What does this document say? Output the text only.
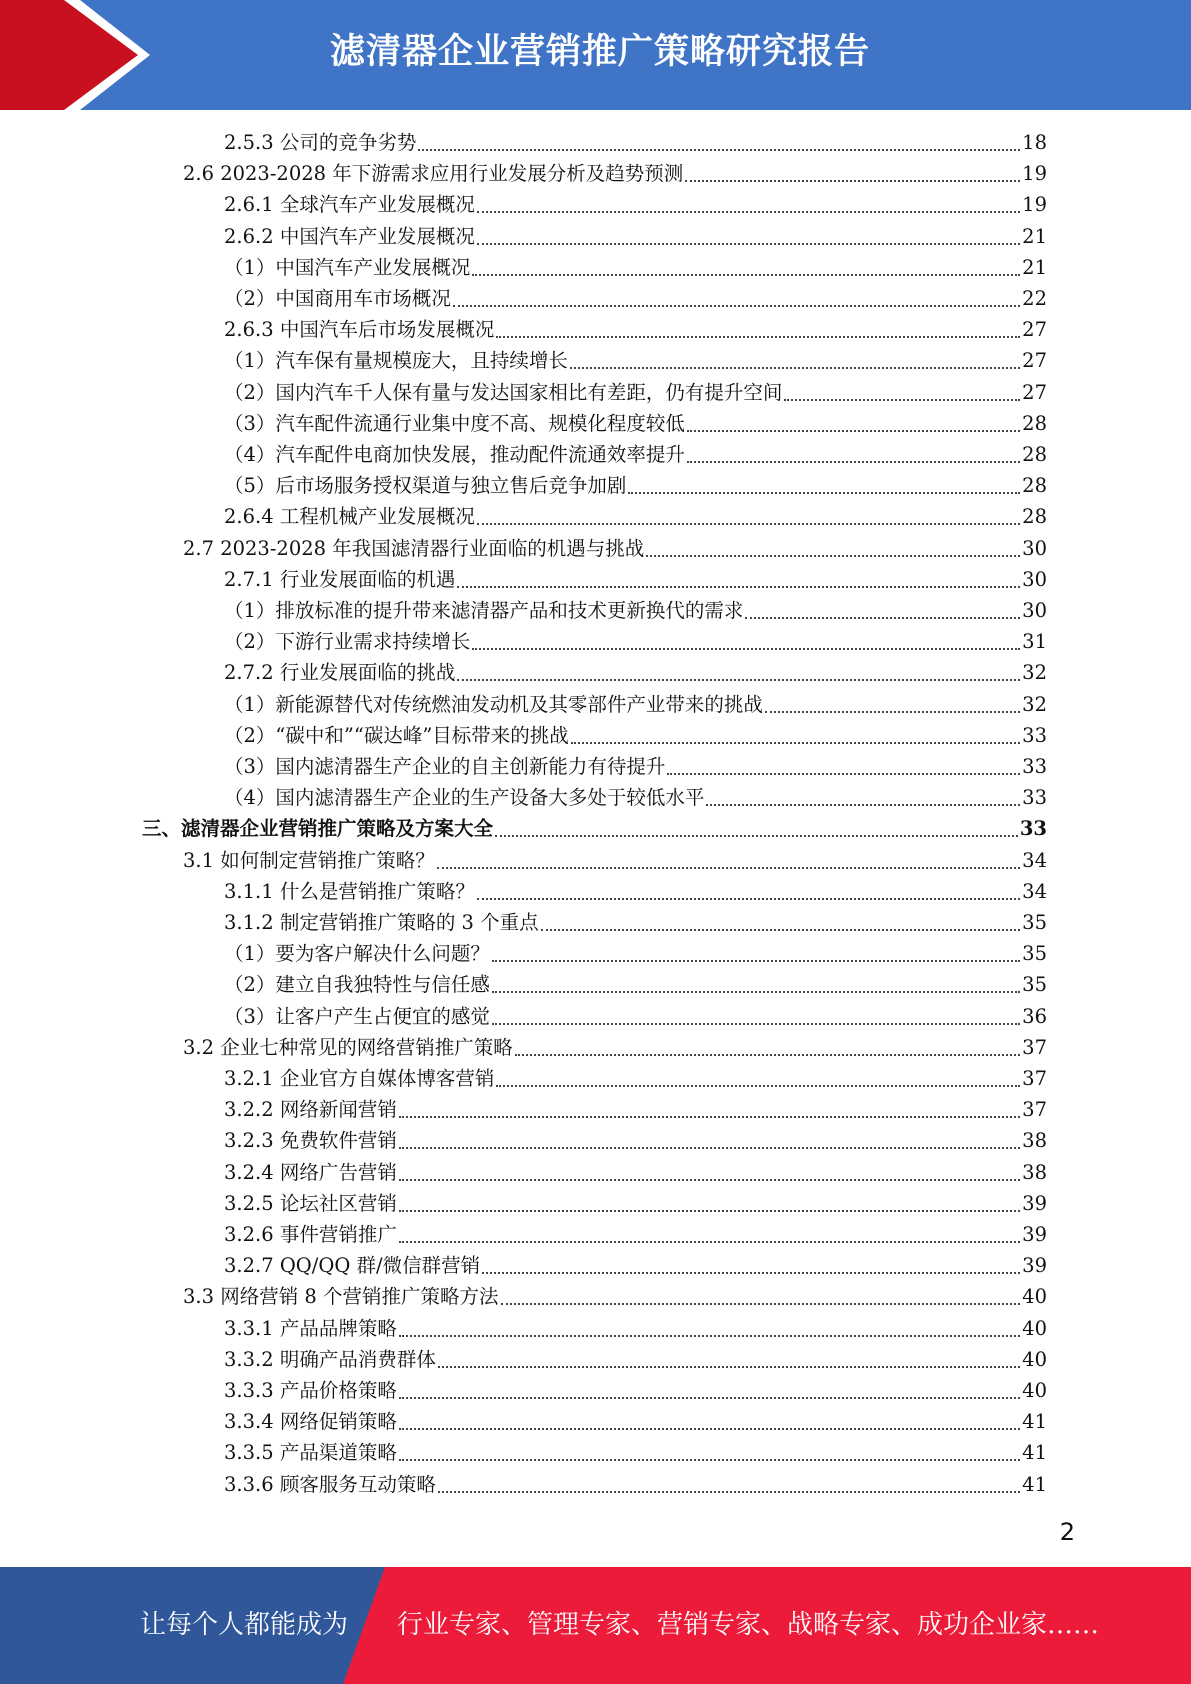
滤清器企业营销推广策略研究报告
2.5.3 公司的竞争劣势	18
2.6 2023-2028 年下游需求应用行业发展分析及趋势预测	19
2.6.1 全球汽车产业发展概况	19
2.6.2 中国汽车产业发展概况	21
（1）中国汽车产业发展概况	21
（2）中国商用车市场概况	22
2.6.3 中国汽车后市场发展概况	27
（1）汽车保有量规模庞大，且持续增长	27
（2）国内汽车千人保有量与发达国家相比有差距，仍有提升空间	27
（3）汽车配件流通行业集中度不高、规模化程度较低	28
（4）汽车配件电商加快发展，推动配件流通效率提升	28
（5）后市场服务授权渠道与独立售后竞争加剧	28
2.6.4 工程机械产业发展概况	28
2.7 2023-2028 年我国滤清器行业面临的机遇与挑战	30
2.7.1 行业发展面临的机遇	30
（1）排放标准的提升带来滤清器产品和技术更新换代的需求	30
（2）下游行业需求持续增长	31
2.7.2 行业发展面临的挑战	32
（1）新能源替代对传统燃油发动机及其零部件产业带来的挑战	32
（2）“碳中和”“碳达峰”目标带来的挑战	33
（3）国内滤清器生产企业的自主创新能力有待提升	33
（4）国内滤清器生产企业的生产设备大多处于较低水平	33
三、滤清器企业营销推广策略及方案大全	33
3.1 如何制定营销推广策略？	34
3.1.1 什么是营销推广策略？	34
3.1.2 制定营销推广策略的 3 个重点	35
（1）要为客户解决什么问题？	35
（2）建立自我独特性与信任感	35
（3）让客户产生占便宜的感觉	36
3.2 企业七种常见的网络营销推广策略	37
3.2.1 企业官方自媒体博客营销	37
3.2.2 网络新闻营销	37
3.2.3 免费软件营销	38
3.2.4 网络广告营销	38
3.2.5 论坛社区营销	39
3.2.6 事件营销推广	39
3.2.7 QQ/QQ 群/微信群营销	39
3.3 网络营销 8 个营销推广策略方法	40
3.3.1 产品品牌策略	40
3.3.2 明确产品消费群体	40
3.3.3 产品价格策略	40
3.3.4 网络促销策略	41
3.3.5 产品渠道策略	41
3.3.6 顾客服务互动策略	41
2
让每个人都能成为 行业专家、管理专家、营销专家、战略专家、成功企业家……
